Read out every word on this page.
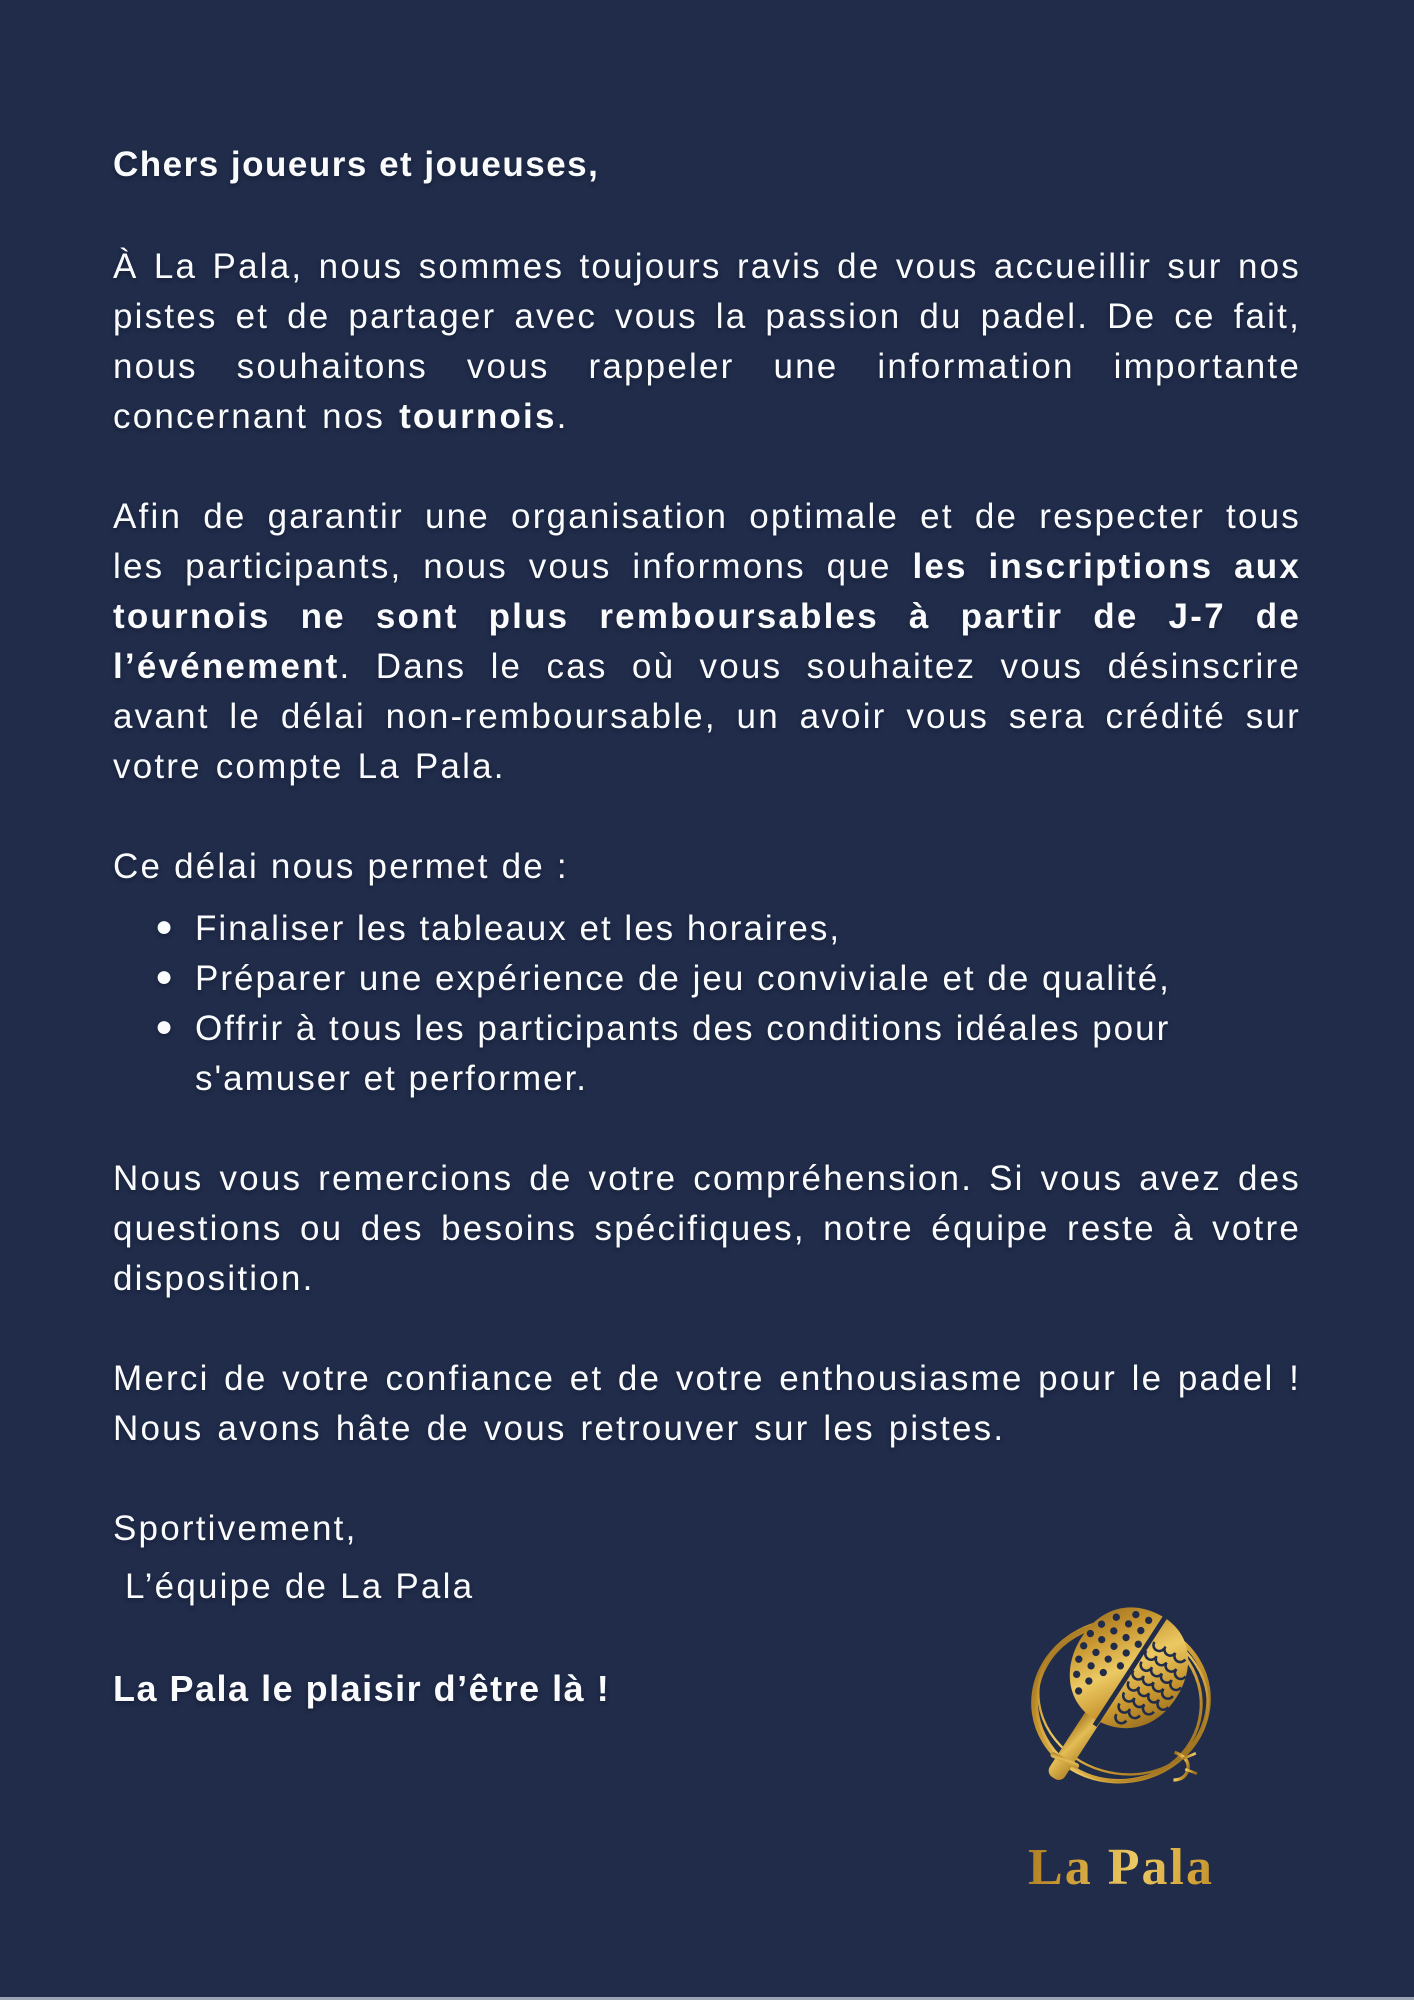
Chers joueurs et joueuses,

À La Pala, nous sommes toujours ravis de vous accueillir sur nos pistes et de partager avec vous la passion du padel. De ce fait, nous souhaitons vous rappeler une information importante concernant nos tournois.

Afin de garantir une organisation optimale et de respecter tous les participants, nous vous informons que les inscriptions aux tournois ne sont plus remboursables à partir de J-7 de l’événement. Dans le cas où vous souhaitez vous désinscrire avant le délai non-remboursable, un avoir vous sera crédité sur votre compte La Pala.

Ce délai nous permet de :

● Finaliser les tableaux et les horaires,
● Préparer une expérience de jeu conviviale et de qualité,
● Offrir à tous les participants des conditions idéales pour s'amuser et performer.

Nous vous remercions de votre compréhension. Si vous avez des questions ou des besoins spécifiques, notre équipe reste à votre disposition.

Merci de votre confiance et de votre enthousiasme pour le padel ! Nous avons hâte de vous retrouver sur les pistes.

Sportivement,
L’équipe de La Pala

La Pala le plaisir d’être là !

La Pala
